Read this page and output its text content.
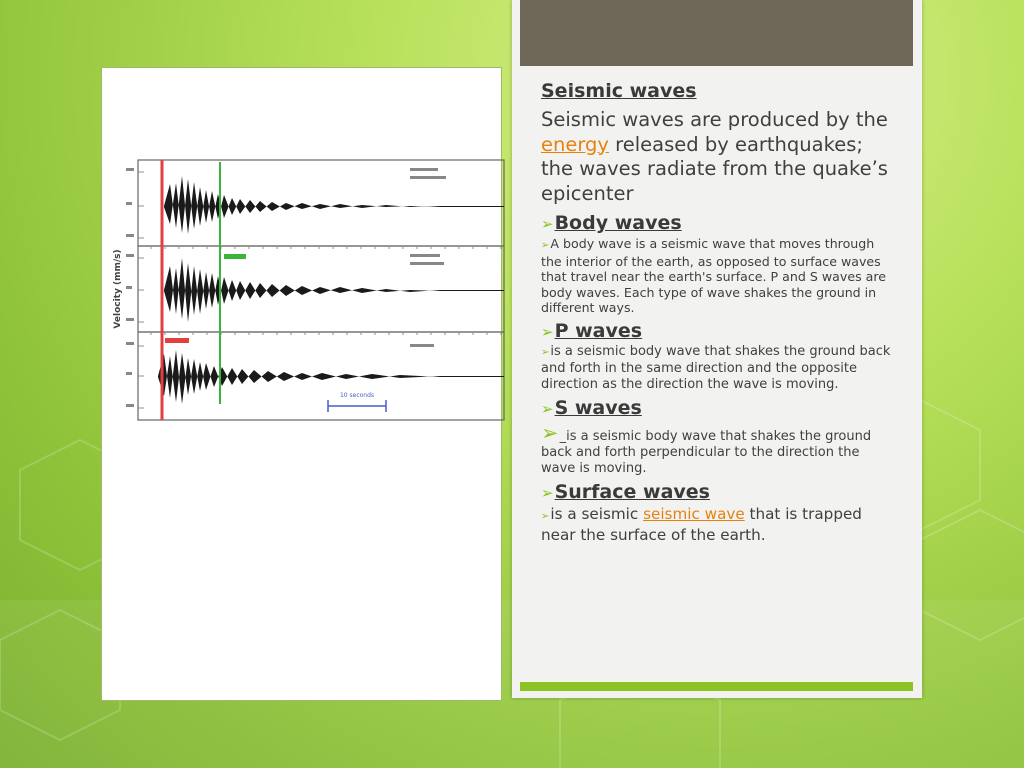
Velocity (mm/s)
10 seconds
Seismic waves
Seismic waves are produced by the energy released by earthquakes; the waves radiate from the quake’s epicenter
➢Body waves
➢A body wave is a seismic wave that moves through the interior of the earth, as opposed to surface waves that travel near the earth's surface. P and S waves are body waves. Each type of wave shakes the ground in different ways.
➢P waves
➢is a seismic body wave that shakes the ground back and forth in the same direction and the opposite direction as the direction the wave is moving.
➢S waves
➢_is a seismic body wave that shakes the ground back and forth perpendicular to the direction the wave is moving.
➢Surface waves
➢is a seismic seismic wave that is trapped near the surface of the earth.
